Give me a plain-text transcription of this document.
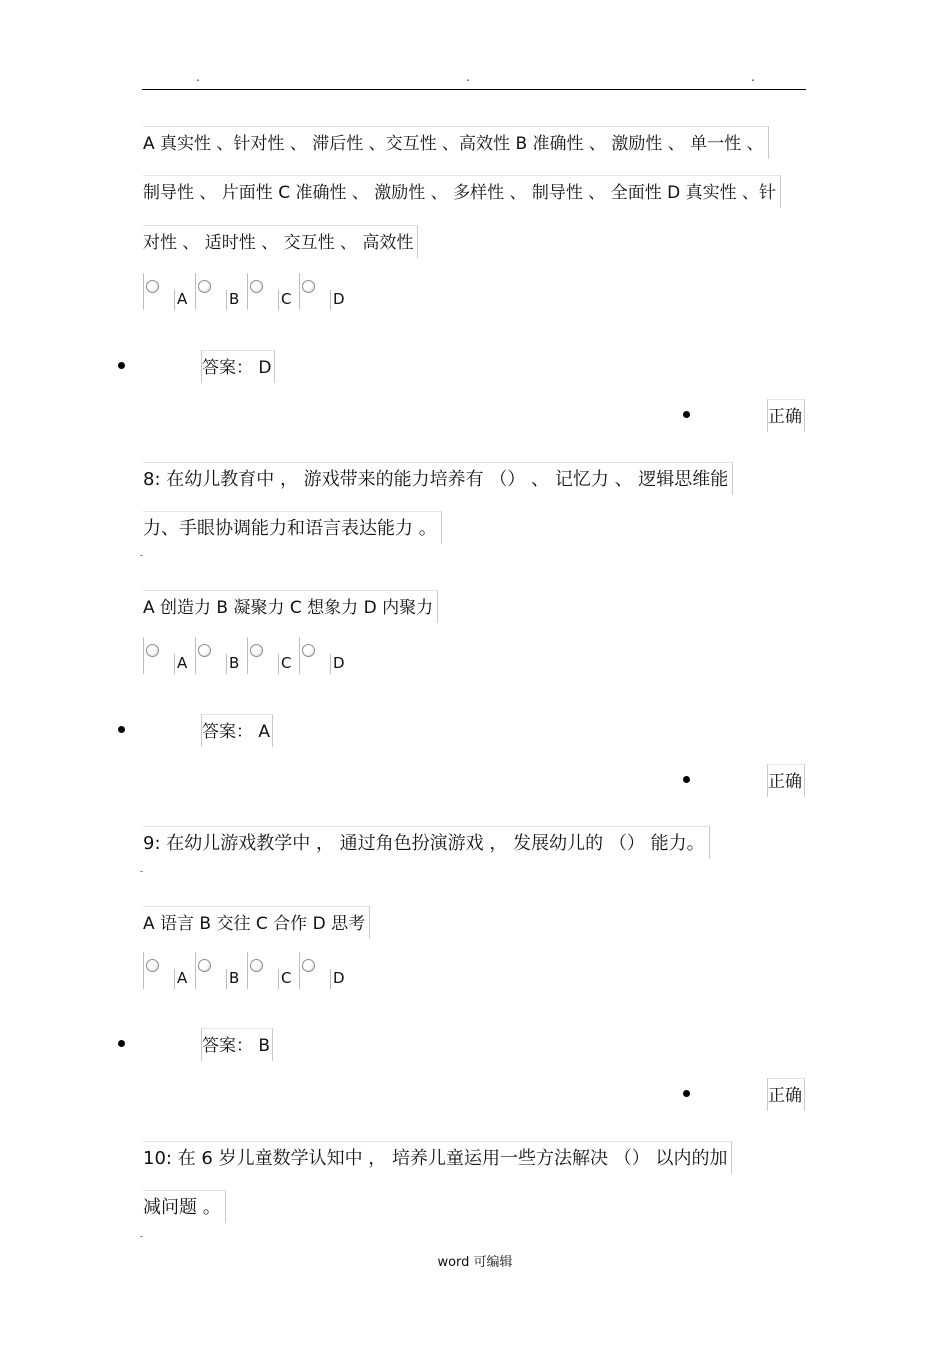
.	.	.
A 真实性 、针对性 、 滞后性 、交互性 、高效性 B 准确性 、 激励性 、 单一性 、
制导性 、 片面性 C 准确性 、 激励性 、 多样性 、 制导性 、 全面性 D 真实性 、针
对性 、 适时性 、 交互性 、 高效性
A	B	C	D
答案： D
正确
8: 在幼儿教育中 ， 游戏带来的能力培养有 （） 、 记忆力 、 逻辑思维能
力、手眼协调能力和语言表达能力 。
A 创造力 B 凝聚力 C 想象力 D 内聚力
A	B	C	D
答案： A
正确
9: 在幼儿游戏教学中 ， 通过角色扮演游戏 ， 发展幼儿的 （） 能力。
A 语言 B 交往 C 合作 D 思考
A	B	C	D
答案： B
正确
10: 在 6 岁儿童数学认知中 ， 培养儿童运用一些方法解决 （） 以内的加
减问题 。
word 可编辑
